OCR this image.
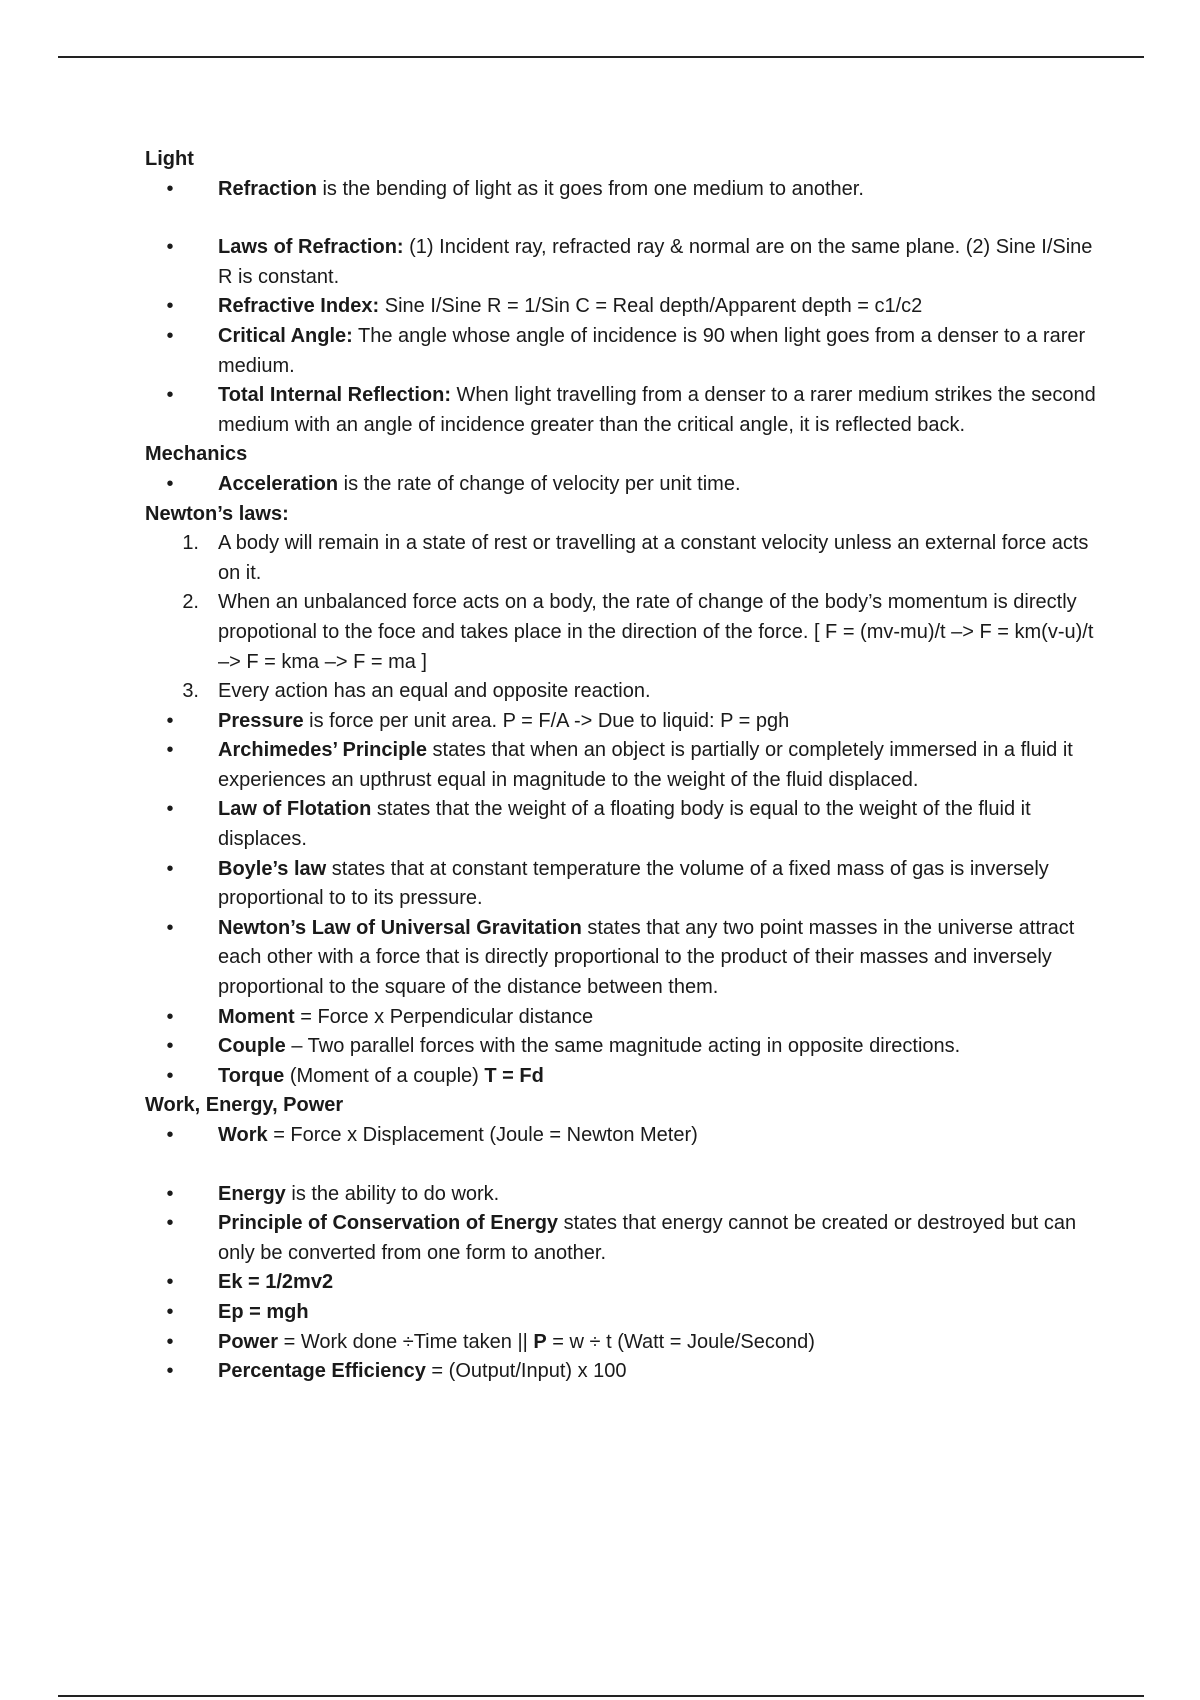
Light
•	Refraction is the bending of light as it goes from one medium to another.
•	Laws of Refraction: (1) Incident ray, refracted ray & normal are on the same plane. (2) Sine I/Sine R is constant.
•	Refractive Index: Sine I/Sine R = 1/Sin C = Real depth/Apparent depth = c1/c2
•	Critical Angle: The angle whose angle of incidence is 90 when light goes from a denser to a rarer medium.
•	Total Internal Reflection: When light travelling from a denser to a rarer medium strikes the second medium with an angle of incidence greater than the critical angle, it is reflected back.
Mechanics
•	Acceleration is the rate of change of velocity per unit time.
Newton’s laws:
1. A body will remain in a state of rest or travelling at a constant velocity unless an external force acts on it.
2. When an unbalanced force acts on a body, the rate of change of the body’s momentum is directly propotional to the foce and takes place in the direction of the force. [ F = (mv-mu)/t –> F = km(v-u)/t –> F = kma –> F = ma ]
3. Every action has an equal and opposite reaction.
•	Pressure is force per unit area. P = F/A -> Due to liquid: P = pgh
•	Archimedes’ Principle states that when an object is partially or completely immersed in a fluid it experiences an upthrust equal in magnitude to the weight of the fluid displaced.
•	Law of Flotation states that the weight of a floating body is equal to the weight of the fluid it displaces.
•	Boyle’s law states that at constant temperature the volume of a fixed mass of gas is inversely proportional to to its pressure.
•	Newton’s Law of Universal Gravitation states that any two point masses in the universe attract each other with a force that is directly proportional to the product of their masses and inversely proportional to the square of the distance between them.
•	Moment = Force x Perpendicular distance
•	Couple – Two parallel forces with the same magnitude acting in opposite directions.
•	Torque (Moment of a couple) T = Fd
Work, Energy, Power
•	Work = Force x Displacement (Joule = Newton Meter)
•	Energy is the ability to do work.
•	Principle of Conservation of Energy states that energy cannot be created or destroyed but can only be converted from one form to another.
•	Ek = 1/2mv2
•	Ep = mgh
•	Power = Work done ÷Time taken || P = w ÷ t (Watt = Joule/Second)
•	Percentage Efficiency = (Output/Input) x 100
